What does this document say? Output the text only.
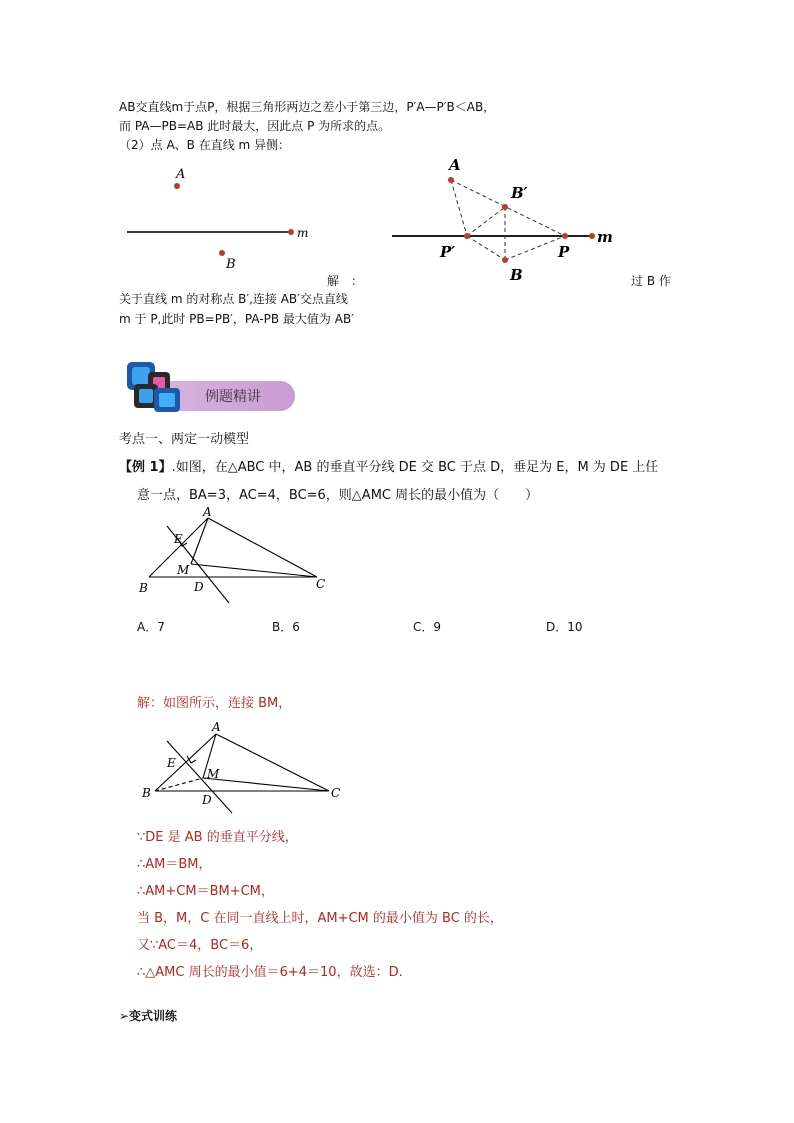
AB交直线m于点P，根据三角形两边之差小于第三边，P′A—P′B＜AB，
而 PA—PB=AB 此时最大，因此点 P 为所求的点。
（2）点 A、B 在直线 m 异侧：
A
B
m
A
B′
P′	P
B
m
解　：	过 B 作
关于直线 m 的对称点 B′,连接 AB′交点直线
m 于 P,此时 PB=PB′，PA-PB 最大值为 AB′
例题精讲
考点一、两定一动模型
【例 1】.如图，在△ABC 中，AB 的垂直平分线 DE 交 BC 于点 D，垂足为 E，M 为 DE 上任
意一点，BA=3，AC=4，BC=6，则△AMC 周长的最小值为（　　）
A
E
M
B	D	C
A．7	B．6	C．9	D．10
解：如图所示，连接 BM，
A
E
M
B	D	C
∵DE 是 AB 的垂直平分线，
∴AM＝BM，
∴AM+CM＝BM+CM，
当 B，M，C 在同一直线上时，AM+CM 的最小值为 BC 的长，
又∵AC＝4，BC＝6，
∴△AMC 周长的最小值＝6+4＝10，故选：D.
➢变式训练
